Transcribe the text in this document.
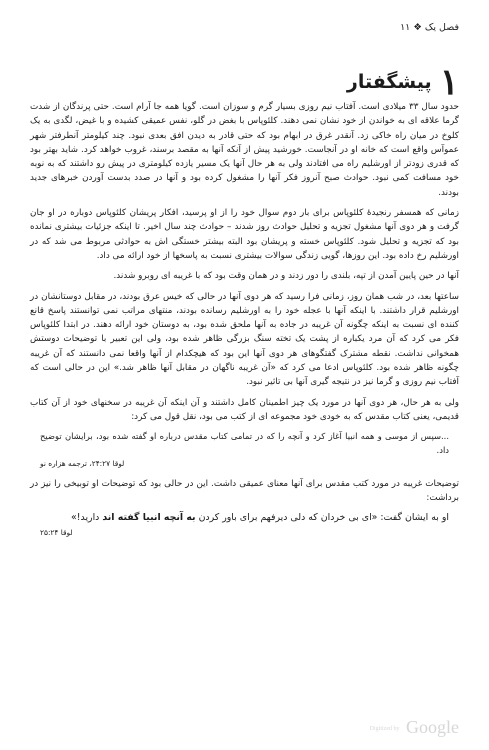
فصل یک ❖ ۱۱
۱
پیشگفتار

حدود سال ۳۳ میلادی است. آفتاب نیم روزی بسیار گرم و سوزان است. گویا همه جا آرام است. حتی پرندگان از شدت گرما علاقه ای به خواندن از خود نشان نمی دهند. کلئوپاس با بغض در گلو، نفس عمیقی کشیده و با غیض، لگدی به یک کلوخ در میان راه خاکی زد. آنقدر غرق در ابهام بود که حتی قادر به دیدن افق بعدی نبود. چند کیلومتر آنطرفتر شهر عموآس واقع است که خانه او در آنجاست. خورشید پیش از آنکه آنها به مقصد برسند، غروب خواهد کرد. شاید بهتر بود که قدری زودتر از اورشلیم راه می افتادند ولی به هر حال آنها یک مسیر یازده کیلومتری در پیش رو داشتند که به نوبه خود مسافت کمی نبود. حوادث صبح آنروز فکر آنها را مشغول کرده بود و آنها در صدد بدست آوردن خبرهای جدید بودند.

زمانی که همسفر رنجیدهٔ کلئوپاس برای بار دوم سوال خود را از او پرسید، افکار پریشان کلئوپاس دوباره در او جان گرفت و هر دوی آنها مشغول تجزیه و تحلیل حوادث روز شدند – حوادث چند سال اخیر. تا اینکه جزئیات بیشتری نمانده بود که تجزیه و تحلیل شود. کلئوپاس خسته و پریشان بود البته بیشتر خستگی اش به حوادثی مربوط می شد که در اورشلیم رخ داده بود. این روزها، گویی زندگی سوالات بیشتری نسبت به پاسخها از خود ارائه می داد.

آنها در حین پایین آمدن از تپه، بلندی را دور زدند و در همان وقت بود که با غریبه ای روبرو شدند.

ساعتها بعد، در شب همان روز، زمانی فرا رسید که هر دوی آنها در حالی که خیس عرق بودند، در مقابل دوستانشان در اورشلیم قرار داشتند. با اینکه آنها با عجله خود را به اورشلیم رسانده بودند، منتهای مراتب نمی توانستند پاسخ قانع کننده ای نسبت به اینکه چگونه آن غریبه در جاده به آنها ملحق شده بود، به دوستان خود ارائه دهند. در ابتدا کلئوپاس فکر می کرد که آن مرد یکباره از پشت یک تخته سنگ بزرگی ظاهر شده بود، ولی این تعبیر با توضیحات دوستش همخوانی نداشت. نقطه مشترک گفتگوهای هر دوی آنها این بود که هیچکدام از آنها واقعا نمی دانستند که آن غریبه چگونه ظاهر شده بود. کلئوپاس ادعا می کرد که «آن غریبه ناگهان در مقابل آنها ظاهر شد.» این در حالی است که آفتاب نیم روزی و گرما نیز در نتیجه گیری آنها بی تاثیر نبود.

ولی به هر حال، هر دوی آنها در مورد یک چیز اطمینان کامل داشتند و آن اینکه آن غریبه در سخنهای خود از آن کتاب قدیمی، یعنی کتاب مقدس که به خودی خود مجموعه ای از کتب می بود، نقل قول می کرد:

...سپس از موسی و همه انبیا آغاز کرد و آنچه را که در تمامی کتاب مقدس درباره او گفته شده بود، برایشان توضیح داد.
لوقا ۲۴:۲۷، ترجمه هزاره نو

توضیحات غریبه در مورد کتب مقدس برای آنها معنای عمیقی داشت. این در حالی بود که توضیحات او توبیخی را نیز در برداشت:

او به ایشان گفت: «ای بی خردان که دلی دیرفهم برای باور کردن به آنچه انبیا گفته اند دارید!»
لوقا ۲۵:۲۴
Digitized by Google
